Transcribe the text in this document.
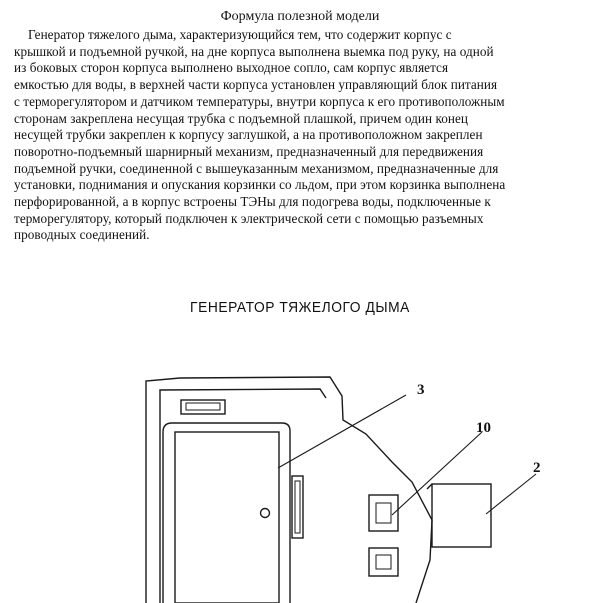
Формула полезной модели
Генератор тяжелого дыма, характеризующийся тем, что содержит корпус с
крышкой и подъемной ручкой, на дне корпуса выполнена выемка под руку, на одной
из боковых сторон корпуса выполнено выходное сопло, сам корпус является
емкостью для воды, в верхней части корпуса установлен управляющий блок питания
с терморегулятором и датчиком температуры, внутри корпуса к его противоположным
сторонам закреплена несущая трубка с подъемной плашкой, причем один конец
несущей трубки закреплен к корпусу заглушкой, а на противоположном закреплен
поворотно-подъемный шарнирный механизм, предназначенный для передвижения
подъемной ручки, соединенной с вышеуказанным механизмом, предназначенные для
установки, поднимания и опускания корзинки со льдом, при этом корзинка выполнена
перфорированной, а в корпус встроены ТЭНы для подогрева воды, подключенные к
терморегулятору, который подключен к электрической сети с помощью разъемных
проводных соединений.
ГЕНЕРАТОР ТЯЖЕЛОГО ДЫМА
3
10
2
